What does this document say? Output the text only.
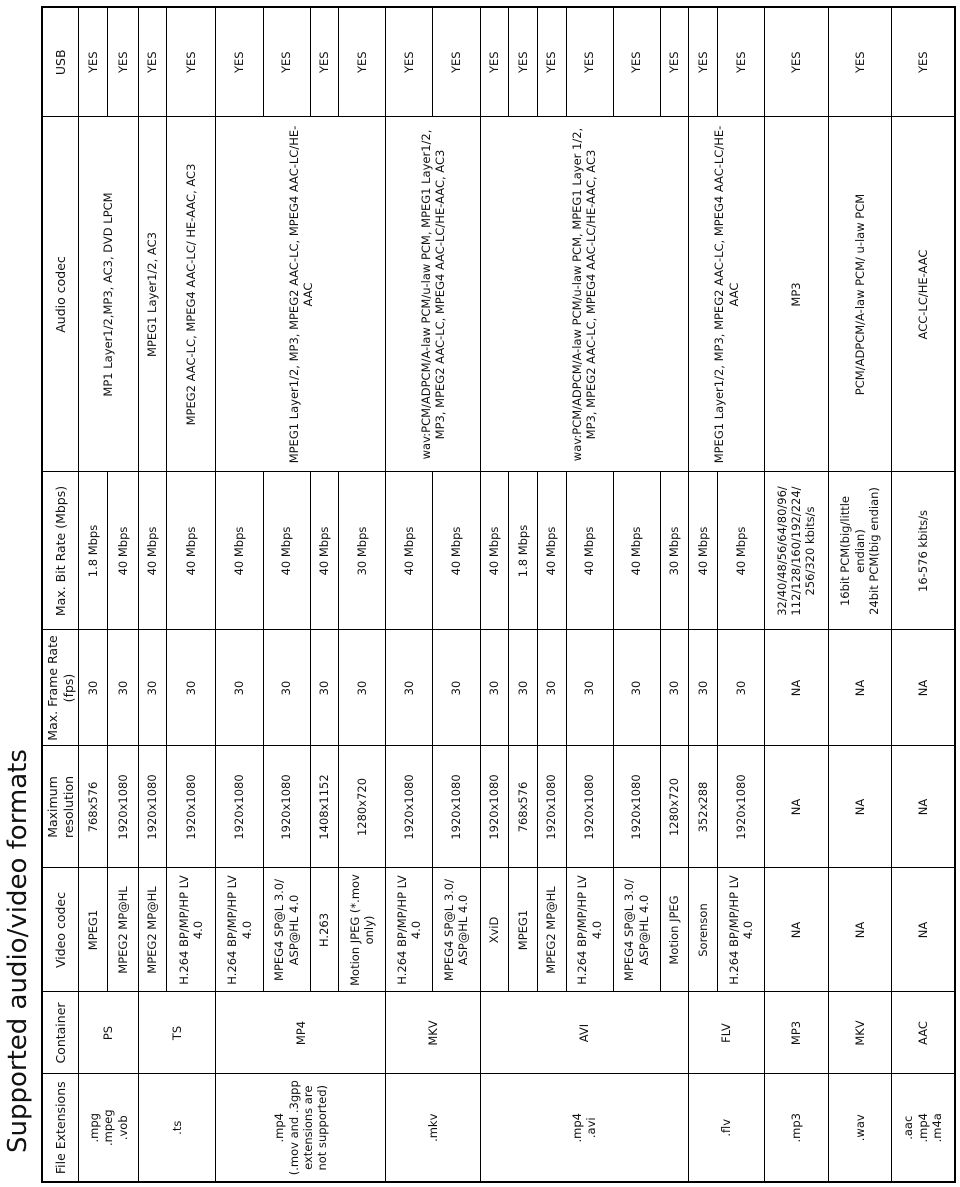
Supported audio/video formats File Extensions	Container	Video codec	Maximum resolution	Max. Frame Rate (fps)	Max. Bit Rate (Mbps)	Audio codec	USB
.mpg
.mpeg
.vob	PS	MPEG1	768x576	30	1.8 Mbps	MP1 Layer1/2,MP3, AC3, DVD LPCM	YES
		MPEG2 MP@HL	1920x1080	30	40 Mbps		YES
.ts	TS	MPEG2 MP@HL	1920x1080	30	40 Mbps	MPEG1 Layer1/2, AC3	YES
		H.264 BP/MP/HP LV 4.0	1920x1080	30	40 Mbps	MPEG2 AAC-LC, MPEG4 AAC-LC/ HE-AAC, AC3	YES
.mp4
(.mov and .3gpp extensions are not supported)	MP4	H.264 BP/MP/HP LV 4.0	1920x1080	30	40 Mbps	MPEG1 Layer1/2, MP3, MPEG2 AAC-LC, MPEG4 AAC-LC/HE-AAC	YES
		MPEG4 SP@L 3.0/ ASP@HL 4.0	1920x1080	30	40 Mbps		YES
		H.263	1408x1152	30	40 Mbps		YES
		Motion JPEG (*.mov only)	1280x720	30	30 Mbps		YES
.mkv	MKV	H.264 BP/MP/HP LV 4.0	1920x1080	30	40 Mbps	wav:PCM/ADPCM/A-law PCM/u-law PCM, MPEG1 Layer1/2, MP3, MPEG2 AAC-LC, MPEG4 AAC-LC/HE-AAC, AC3	YES
		MPEG4 SP@L 3.0/ ASP@HL 4.0	1920x1080	30	40 Mbps		YES
.mp4
.avi	AVI	XviD	1920x1080	30	40 Mbps	wav:PCM/ADPCM/A-law PCM/u-law PCM, MPEG1 Layer 1/2, MP3, MPEG2 AAC-LC, MPEG4 AAC-LC/HE-AAC, AC3	YES
		MPEG1	768x576	30	1.8 Mbps		YES
		MPEG2 MP@HL	1920x1080	30	40 Mbps		YES
		H.264 BP/MP/HP LV 4.0	1920x1080	30	40 Mbps		YES
		MPEG4 SP@L 3.0/ ASP@HL 4.0	1920x1080	30	40 Mbps		YES
		Motion JPEG	1280x720	30	30 Mbps		YES
.flv	FLV	Sorenson	352x288	30	40 Mbps	MPEG1 Layer1/2, MP3, MPEG2 AAC-LC, MPEG4 AAC-LC/HE-AAC	YES
		H.264 BP/MP/HP LV 4.0	1920x1080	30	40 Mbps		YES
.mp3	MP3	NA	NA	NA	32/40/48/56/64/80/96/ 112/128/160/192/224/ 256/320 kbits/s	MP3	YES
.wav	MKV	NA	NA	NA	16bit PCM(big/little endian)
24bit PCM(big endian)	PCM/ADPCM/A-law PCM/ u-law PCM	YES
.aac
.mp4
.m4a	AAC	NA	NA	NA	16-576 kbits/s	ACC-LC/HE-AAC	YES
